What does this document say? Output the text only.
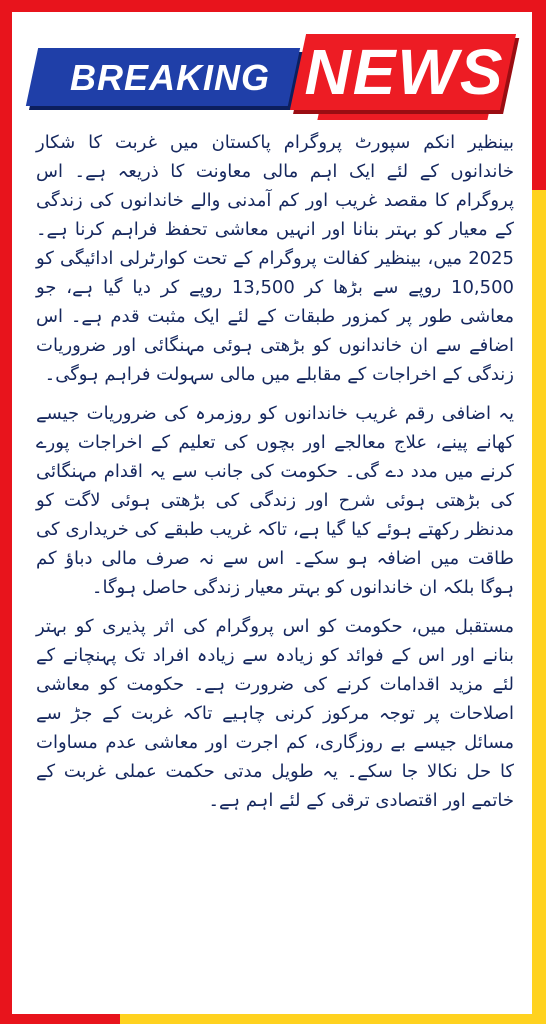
BREAKING NEWS

بینظیر انکم سپورٹ پروگرام پاکستان میں غربت کا شکار خاندانوں کے لئے ایک اہم مالی معاونت کا ذریعہ ہے۔ اس پروگرام کا مقصد غریب اور کم آمدنی والے خاندانوں کی زندگی کے معیار کو بہتر بنانا اور انہیں معاشی تحفظ فراہم کرنا ہے۔ 2025 میں، بینظیر کفالت پروگرام کے تحت کوارٹرلی ادائیگی کو 10,500 روپے سے بڑھا کر 13,500 روپے کر دیا گیا ہے، جو معاشی طور پر کمزور طبقات کے لئے ایک مثبت قدم ہے۔ اس اضافے سے ان خاندانوں کو بڑھتی ہوئی مہنگائی اور ضروریات زندگی کے اخراجات کے مقابلے میں مالی سہولت فراہم ہوگی۔

یہ اضافی رقم غریب خاندانوں کو روزمرہ کی ضروریات جیسے کھانے پینے، علاج معالجے اور بچوں کی تعلیم کے اخراجات پورے کرنے میں مدد دے گی۔ حکومت کی جانب سے یہ اقدام مہنگائی کی بڑھتی ہوئی شرح اور زندگی کی بڑھتی ہوئی لاگت کو مدنظر رکھتے ہوئے کیا گیا ہے، تاکہ غریب طبقے کی خریداری کی طاقت میں اضافہ ہو سکے۔ اس سے نہ صرف مالی دباؤ کم ہوگا بلکہ ان خاندانوں کو بہتر معیار زندگی حاصل ہوگا۔

مستقبل میں، حکومت کو اس پروگرام کی اثر پذیری کو بہتر بنانے اور اس کے فوائد کو زیادہ سے زیادہ افراد تک پہنچانے کے لئے مزید اقدامات کرنے کی ضرورت ہے۔ حکومت کو معاشی اصلاحات پر توجہ مرکوز کرنی چاہیے تاکہ غربت کے جڑ سے مسائل جیسے بے روزگاری، کم اجرت اور معاشی عدم مساوات کا حل نکالا جا سکے۔ یہ طویل مدتی حکمت عملی غربت کے خاتمے اور اقتصادی ترقی کے لئے اہم ہے۔
